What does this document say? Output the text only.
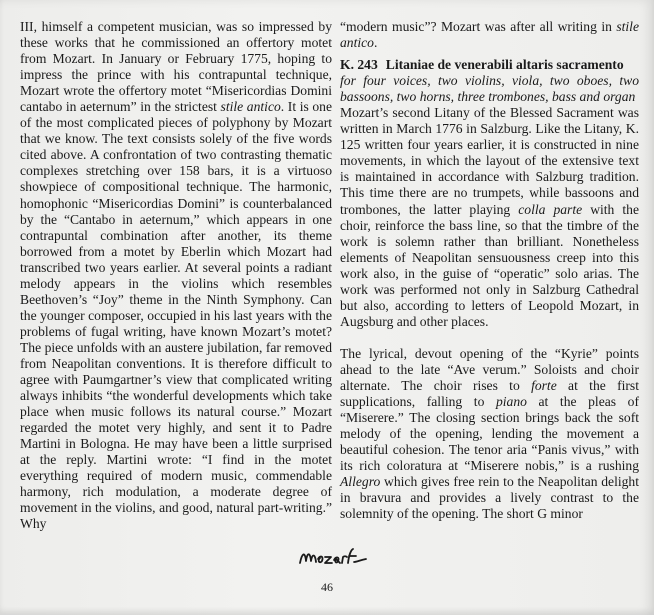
III, himself a competent musician, was so impressed by these works that he commissioned an offertory motet from Mozart. In January or February 1775, hoping to impress the prince with his contrapuntal technique, Mozart wrote the offertory motet “Misericordias Domini cantabo in aeternum” in the strictest stile antico. It is one of the most complicated pieces of polyphony by Mozart that we know. The text consists solely of the five words cited above. A confrontation of two contrasting thematic complexes stretching over 158 bars, it is a virtuoso showpiece of compositional technique. The harmonic, homophonic “Misericordias Domini” is counterbalanced by the “Cantabo in aeternum,” which appears in one contrapuntal combination after another, its theme borrowed from a motet by Eberlin which Mozart had transcribed two years earlier. At several points a radiant melody appears in the violins which resembles Beethoven’s “Joy” theme in the Ninth Symphony. Can the younger composer, occupied in his last years with the problems of fugal writing, have known Mozart’s motet? The piece unfolds with an austere jubilation, far removed from Neapolitan conventions. It is therefore difficult to agree with Paumgartner’s view that complicated writing always inhibits “the wonderful developments which take place when music follows its natural course.” Mozart regarded the motet very highly, and sent it to Padre Martini in Bologna. He may have been a little surprised at the reply. Martini wrote: “I find in the motet everything required of modern music, commendable harmony, rich modulation, a moderate degree of movement in the violins, and good, natural part-writing.” Why

“modern music”? Mozart was after all writing in stile antico.

K. 243 Litaniae de venerabili altaris sacramento

for four voices, two violins, viola, two oboes, two bassoons, two horns, three trombones, bass and organ

Mozart’s second Litany of the Blessed Sacrament was written in March 1776 in Salzburg. Like the Litany, K. 125 written four years earlier, it is constructed in nine movements, in which the layout of the extensive text is maintained in accordance with Salzburg tradition. This time there are no trumpets, while bassoons and trombones, the latter playing colla parte with the choir, reinforce the bass line, so that the timbre of the work is solemn rather than brilliant. Nonetheless elements of Neapolitan sensuousness creep into this work also, in the guise of “operatic” solo arias. The work was performed not only in Salzburg Cathedral but also, according to letters of Leopold Mozart, in Augsburg and other places.

The lyrical, devout opening of the “Kyrie” points ahead to the late “Ave verum.” Soloists and choir alternate. The choir rises to forte at the first supplications, falling to piano at the pleas of “Miserere.” The closing section brings back the soft melody of the opening, lending the movement a beautiful cohesion. The tenor aria “Panis vivus,” with its rich coloratura at “Miserere nobis,” is a rushing Allegro which gives free rein to the Neapolitan delight in bravura and provides a lively contrast to the solemnity of the opening. The short G minor

46
